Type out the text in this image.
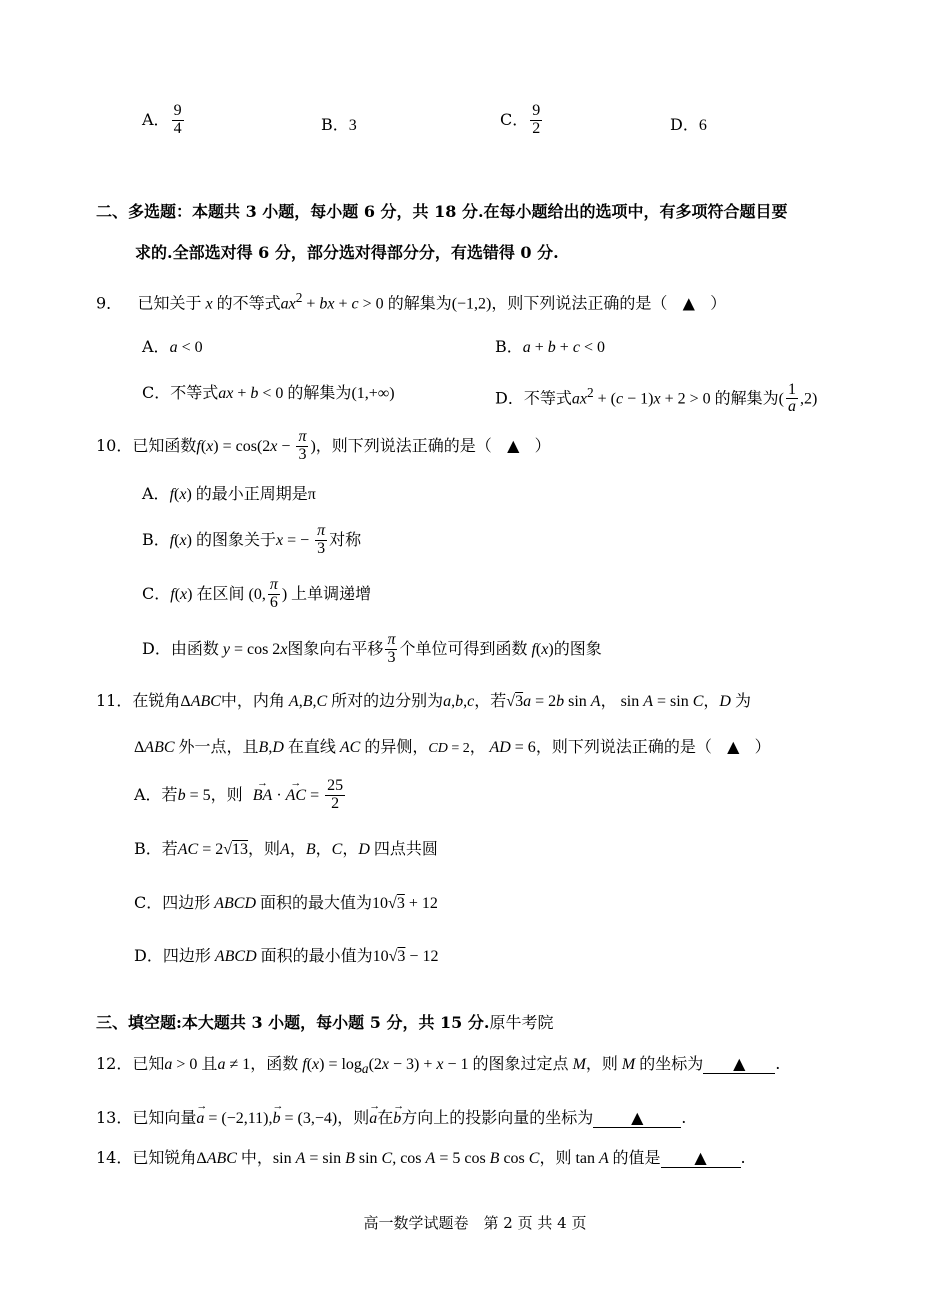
A． $\frac{9}{4}$	B．3	C． $\frac{9}{2}$	D．6
二、多选题：本题共 3 小题，每小题 6 分，共 18 分.在每小题给出的选项中，有多项符合题目要
求的.全部选对得 6 分，部分选对得部分分，有选错得 0 分.
9． 已知关于 x 的不等式$ax^2$ + bx + c > 0 的解集为(−1,2)，则下列说法正确的是（ ▲ ）
A．a < 0	B．a + b + c < 0
C．不等式ax + b < 0 的解集为(1,+∞)	D．不等式$ax^2 + (c - 1)x + 2 > 0$ 的解集为( $\frac{1}{a} ,2$)
10．已知函数$f(x) = \cos(2x - \frac{\pi}{3}$ )，则下列说法正确的是（ ▲ ）
A．f(x) 的最小正周期是π
B．f(x) 的图象关于x = − $\frac{\pi}{3}$ 对称
C．f(x) 在区间 (0, $\frac{\pi}{6}$ ) 上单调递增
D．由函数 y = cos 2x图象向右平移 $\frac{\pi}{3}$ 个单位可得到函数 f(x)的图象
11．在锐角ΔABC中，内角 A,B,C 所对的边分别为a,b,c，若√3a = 2b sin A， sin A = sin C，D 为
ΔABC 外一点，且B,D 在直线 AC 的异侧，CD = 2， AD = 6，则下列说法正确的是（ ▲ ）
A．若b = 5，则 → BA · → AC = $\frac{25}{2}$
B．若AC = 2√13，则A，B，C，D 四点共圆
C．四边形 ABCD 面积的最大值为10√3 + 12
D．四边形 ABCD 面积的最小值为10√3 − 12
三、填空题:本大题共 3 小题，每小题 5 分，共 15 分.原牛考院
12．已知a > 0 且a ≠ 1，函数 $f(x) = \log_a(2x - 3) + x - 1$ 的图象过定点 M，则 M 的坐标为 ▲ .
13．已知向量→ a = (−2,11),→ b = (3,−4)，则→ a在→ b方向上的投影向量的坐标为 ▲ .
14．已知锐角ΔABC 中，sin A = sin B sin C, cos A = 5 cos B cos C，则 tan A 的值是 ▲ .
高一数学试题卷　第 2 页 共 4 页
